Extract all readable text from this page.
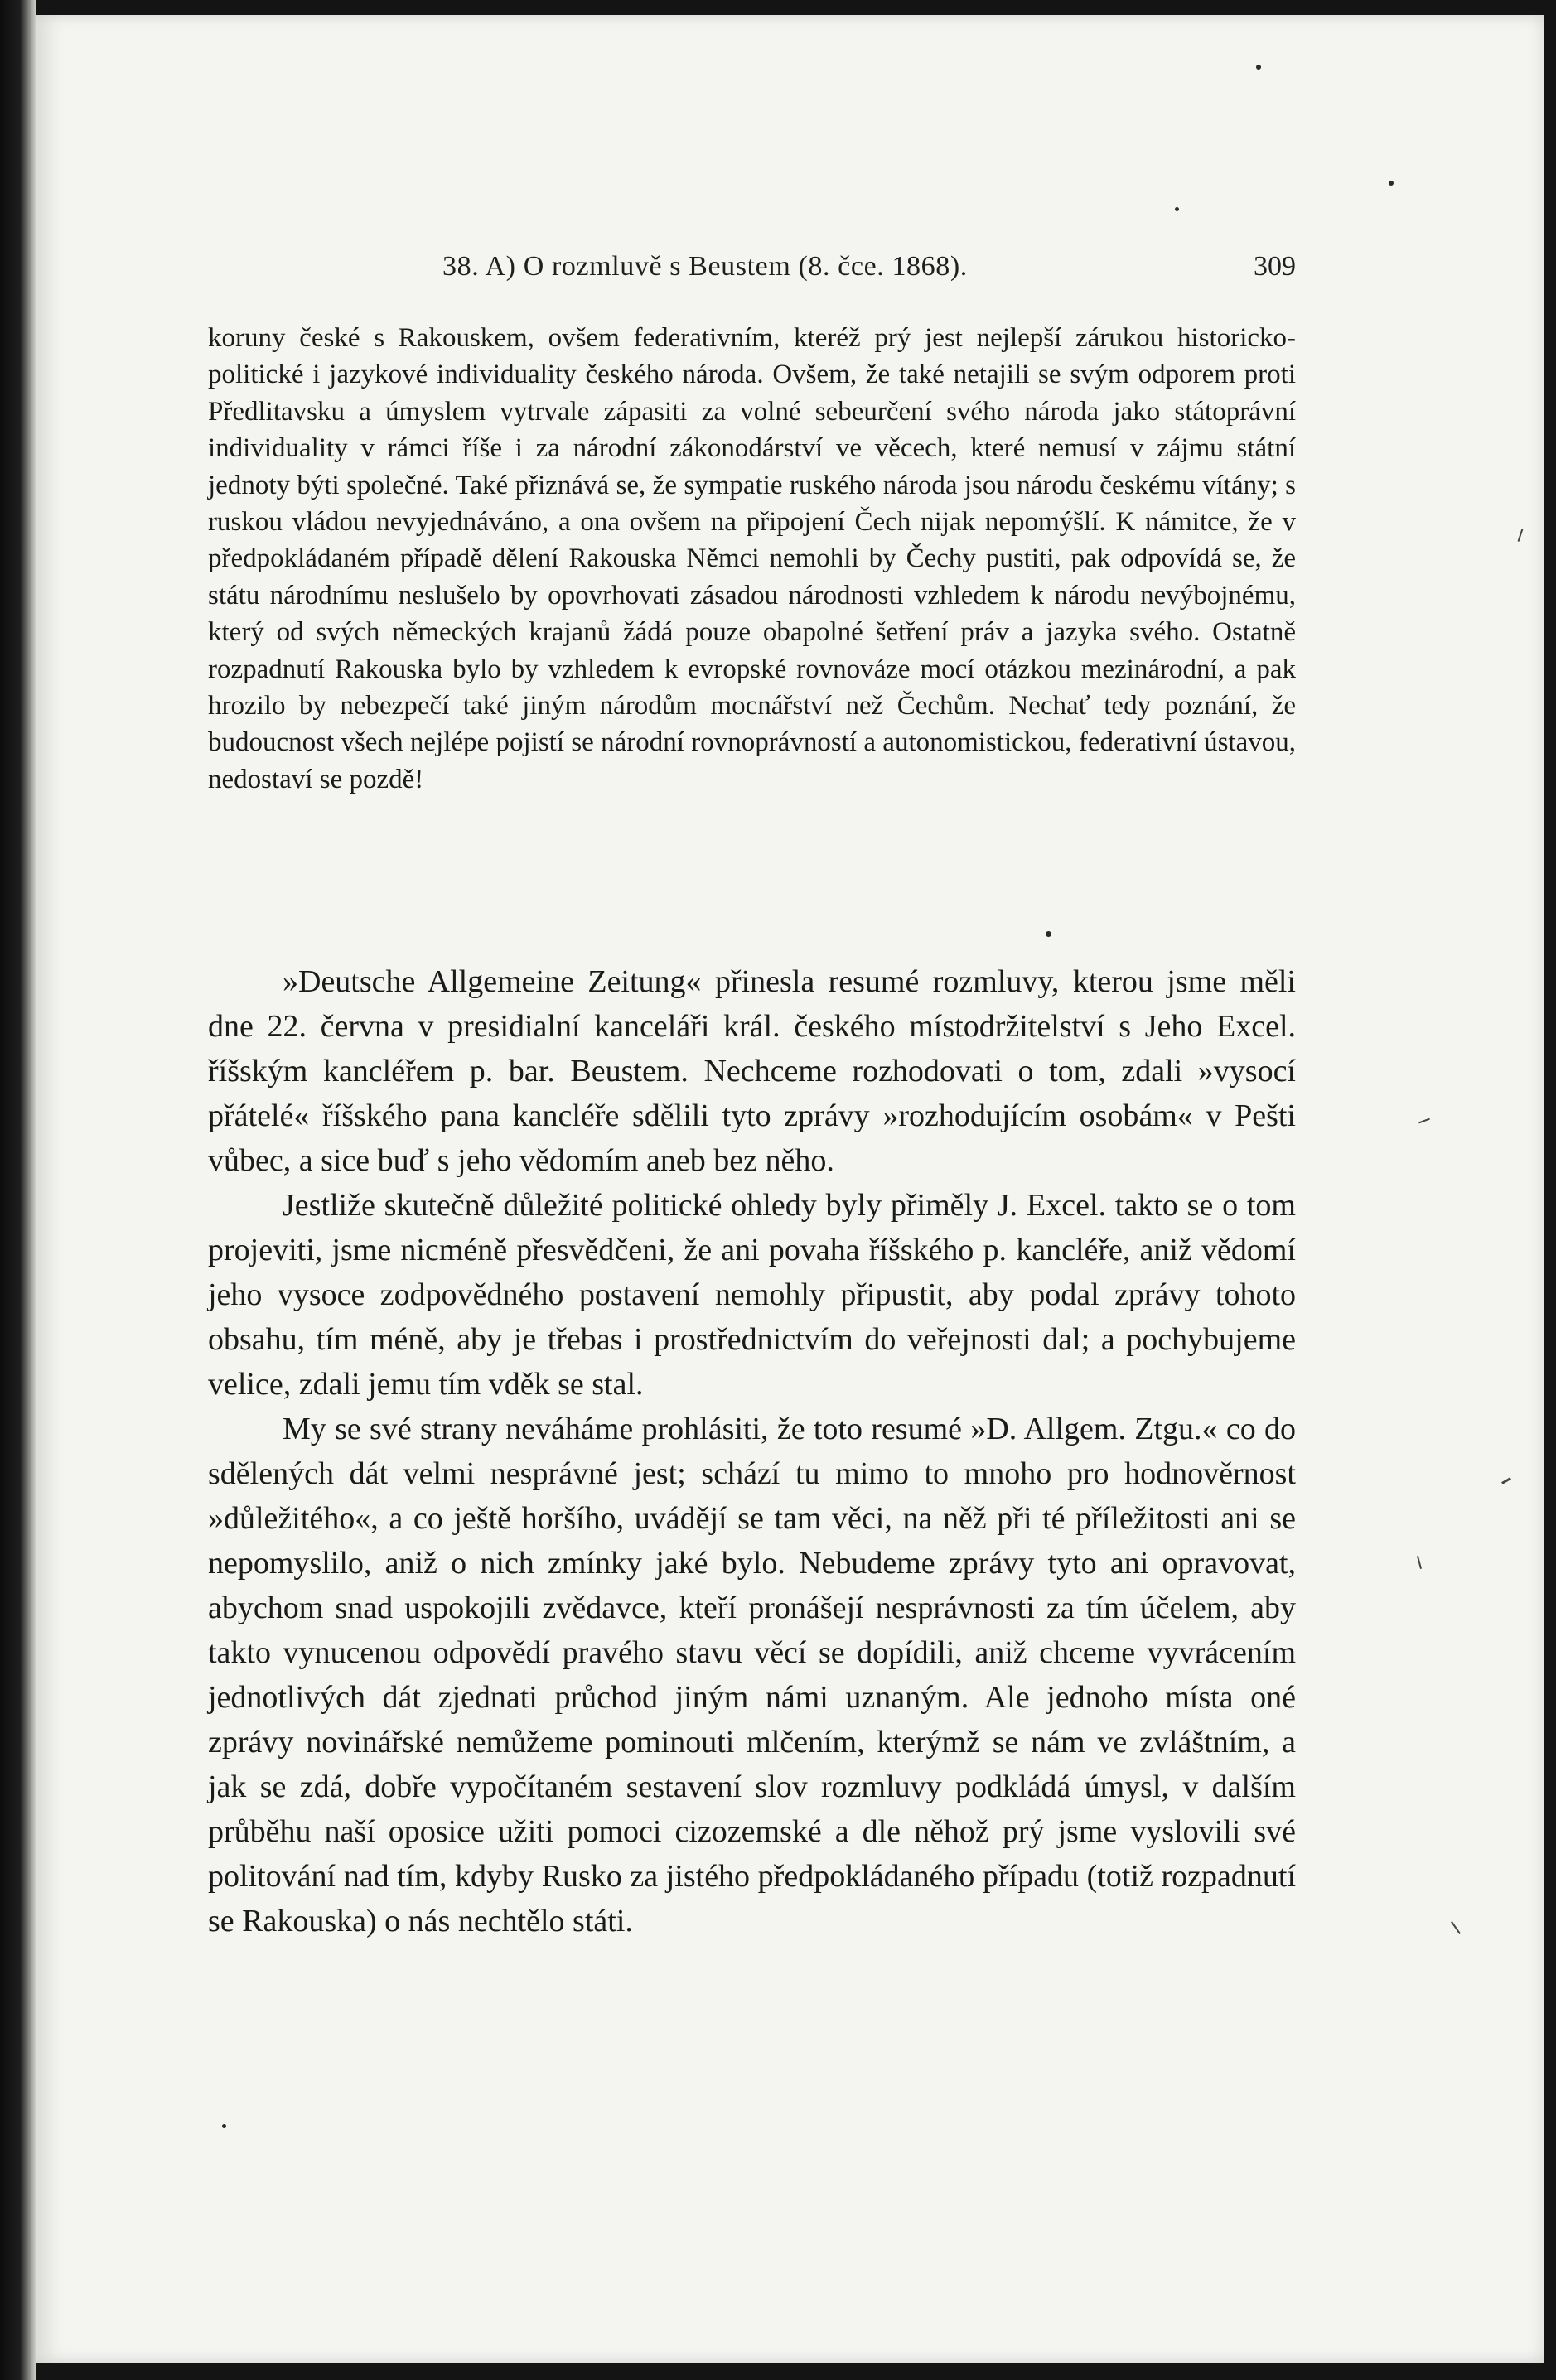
38. A) O rozmluvě s Beustem (8. čce. 1868).	309

koruny české s Rakouskem, ovšem federativním, kteréž prý jest nejlepší zárukou historicko-politické i jazykové individuality českého národa. Ovšem, že také netajili se svým odporem proti Předlitavsku a úmyslem vytrvale zápasiti za volné sebeurčení svého národa jako státoprávní individuality v rámci říše i za národní zákonodárství ve věcech, které nemusí v zájmu státní jednoty býti společné. Také přiznává se, že sympatie ruského národa jsou národu českému vítány; s ruskou vládou nevyjednáváno, a ona ovšem na připojení Čech nijak nepomýšlí. K námitce, že v předpokládaném případě dělení Rakouska Němci nemohli by Čechy pustiti, pak odpovídá se, že státu národnímu neslušelo by opovrhovati zásadou národnosti vzhledem k národu nevýbojnému, který od svých německých krajanů žádá pouze obapolné šetření práv a jazyka svého. Ostatně rozpadnutí Rakouska bylo by vzhledem k evropské rovnováze mocí otázkou mezinárodní, a pak hrozilo by nebezpečí také jiným národům mocnářství než Čechům. Nechať tedy poznání, že budoucnost všech nejlépe pojistí se národní rovnoprávností a autonomistickou, federativní ústavou, nedostaví se pozdě!

»Deutsche Allgemeine Zeitung« přinesla resumé rozmluvy, kterou jsme měli dne 22. června v presidialní kanceláři král. českého místodržitelství s Jeho Excel. říšským kancléřem p. bar. Beustem. Nechceme rozhodovati o tom, zdali »vysocí přátelé« říšského pana kancléře sdělili tyto zprávy »rozhodujícím osobám« v Pešti vůbec, a sice buď s jeho vědomím aneb bez něho.

Jestliže skutečně důležité politické ohledy byly přiměly J. Excel. takto se o tom projeviti, jsme nicméně přesvědčeni, že ani povaha říšského p. kancléře, aniž vědomí jeho vysoce zodpovědného postavení nemohly připustit, aby podal zprávy tohoto obsahu, tím méně, aby je třebas i prostřednictvím do veřejnosti dal; a pochybujeme velice, zdali jemu tím vděk se stal.

My se své strany neváháme prohlásiti, že toto resumé »D. Allgem. Ztgu.« co do sdělených dát velmi nesprávné jest; schází tu mimo to mnoho pro hodnověrnost »důležitého«, a co ještě horšího, uvádějí se tam věci, na něž při té příležitosti ani se nepomyslilo, aniž o nich zmínky jaké bylo. Nebudeme zprávy tyto ani opravovat, abychom snad uspokojili zvědavce, kteří pronášejí nesprávnosti za tím účelem, aby takto vynucenou odpovědí pravého stavu věcí se dopídili, aniž chceme vyvrácením jednotlivých dát zjednati průchod jiným námi uznaným. Ale jednoho místa oné zprávy novinářské nemůžeme pominouti mlčením, kterýmž se nám ve zvláštním, a jak se zdá, dobře vypočítaném sestavení slov rozmluvy podkládá úmysl, v dalším průběhu naší oposice užiti pomoci cizozemské a dle něhož prý jsme vyslovili své politování nad tím, kdyby Rusko za jistého předpokládaného případu (totiž rozpadnutí se Rakouska) o nás nechtělo státi.
